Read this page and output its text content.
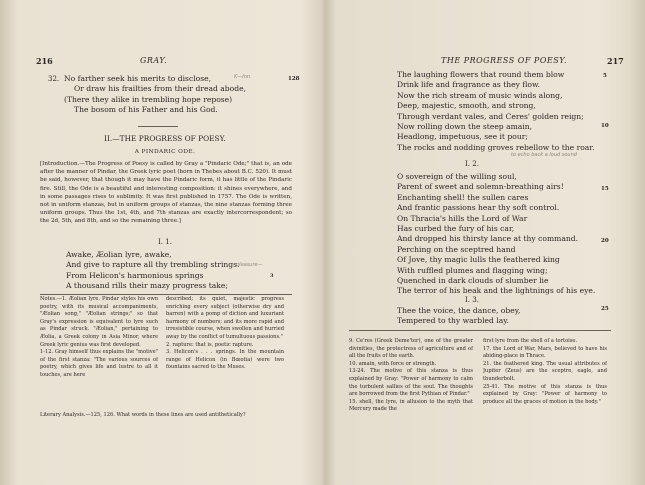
216	GRAY.
32. No farther seek his merits to disclose,
Or draw his frailties from their dread abode,
(There they alike in trembling hope repose)
The bosom of his Father and his God.
128
K—Inn
II.—THE PROGRESS OF POESY.
A PINDARIC ODE.
[Introduction.—The Progress of Poesy is called by Gray a "Pindaric Ode;" that is, an ode after the manner of Pindar, the Greek lyric poet (born in Thebes about B.C. 520). It must be said, however, that though it may have the Pindaric form, it has little of the Pindaric fire. Still, the Ode is a beautiful and interesting composition: it shines everywhere, and in some passages rises to sublimity. It was first published in 1757. The Ode is written, not in uniform stanzas, but in uniform groups of stanzas, the nine stanzas forming three uniform groups. Thus the 1st, 4th, and 7th stanzas are exactly intercorrespondent; so the 2d, 5th, and 8th, and so the remaining three.]
I. 1.
Awake, Æolian lyre, awake,
And give to rapture all thy trembling strings.
From Helicon's harmonious springs
A thousand rills their mazy progress take;
pleasure—
3

Notes.—1. Æolian lyre. Pindar styles his own poetry, with its musical accompaniments, "Æolian song," "Æolian strings;" so that Gray's expression is equivalent to lyre such as Pindar struck. "Æolian," pertaining to Æolia, a Greek colony in Asia Minor, where Greek lyric genius was first developed.

1-12. Gray himself thus explains the "motive" of the first stanza: "The various sources of poetry, which gives life and lustre to all it touches, are here

described; its quiet, majestic progress enriching every subject (otherwise dry and barren) with a pomp of diction and luxuriant harmony of numbers; and its more rapid and irresistible course, when swollen and hurried away by the conflict of tumultuous passions."

2. rapture: that is, poetic rapture.

3. Helicon's . . . springs. In the mountain range of Helicon (in Bœotia) were two fountains sacred to the Muses.

Literary Analysis.—125, 126. What words in these lines are used antithetically?
THE PROGRESS OF POESY.	217
The laughing flowers that round them blow
Drink life and fragrance as they flow.
Now the rich stream of music winds along,
Deep, majestic, smooth, and strong,
Through verdant vales, and Ceres' golden reign;
Now rolling down the steep amain,
Headlong, impetuous, see it pour;
The rocks and nodding groves rebellow to the roar.
5
10
to echo back a loud sound
I. 2.
O sovereign of the willing soul,
Parent of sweet and solemn-breathing airs!
Enchanting shell! the sullen cares
And frantic passions hear thy soft control.
On Thracia's hills the Lord of War
Has curbed the fury of his car,
And dropped his thirsty lance at thy command.
Perching on the sceptred hand
Of Jove, thy magic lulls the feathered king
With ruffled plumes and flagging wing;
Quenched in dark clouds of slumber lie
The terror of his beak and the lightnings of his eye.
15
20
I. 3.
Thee the voice, the dance, obey,
Tempered to thy warbled lay.
25

9. Ce'res (Greek Deme'ter), one of the greater divinities, the protectress of agriculture and of all the fruits of the earth.

10. amain, with force or strength.

13-24. The motive of this stanza is thus explained by Gray: "Power of harmony to calm the turbulent sallies of the soul. The thoughts are borrowed from the first Pythian of Pindar."

15. shell, the lyre, in allusion to the myth that Mercury made the

first lyre from the shell of a tortoise.

17. the Lord of War, Mars, believed to have his abiding-place in Thrace.

21. the feathered king. The usual attributes of Jupiter (Zeus) are the sceptre, eagle, and thunderbolt.

25-41. The motive of this stanza is thus explained by Gray: "Power of harmony to produce all the graces of motion in the body."
